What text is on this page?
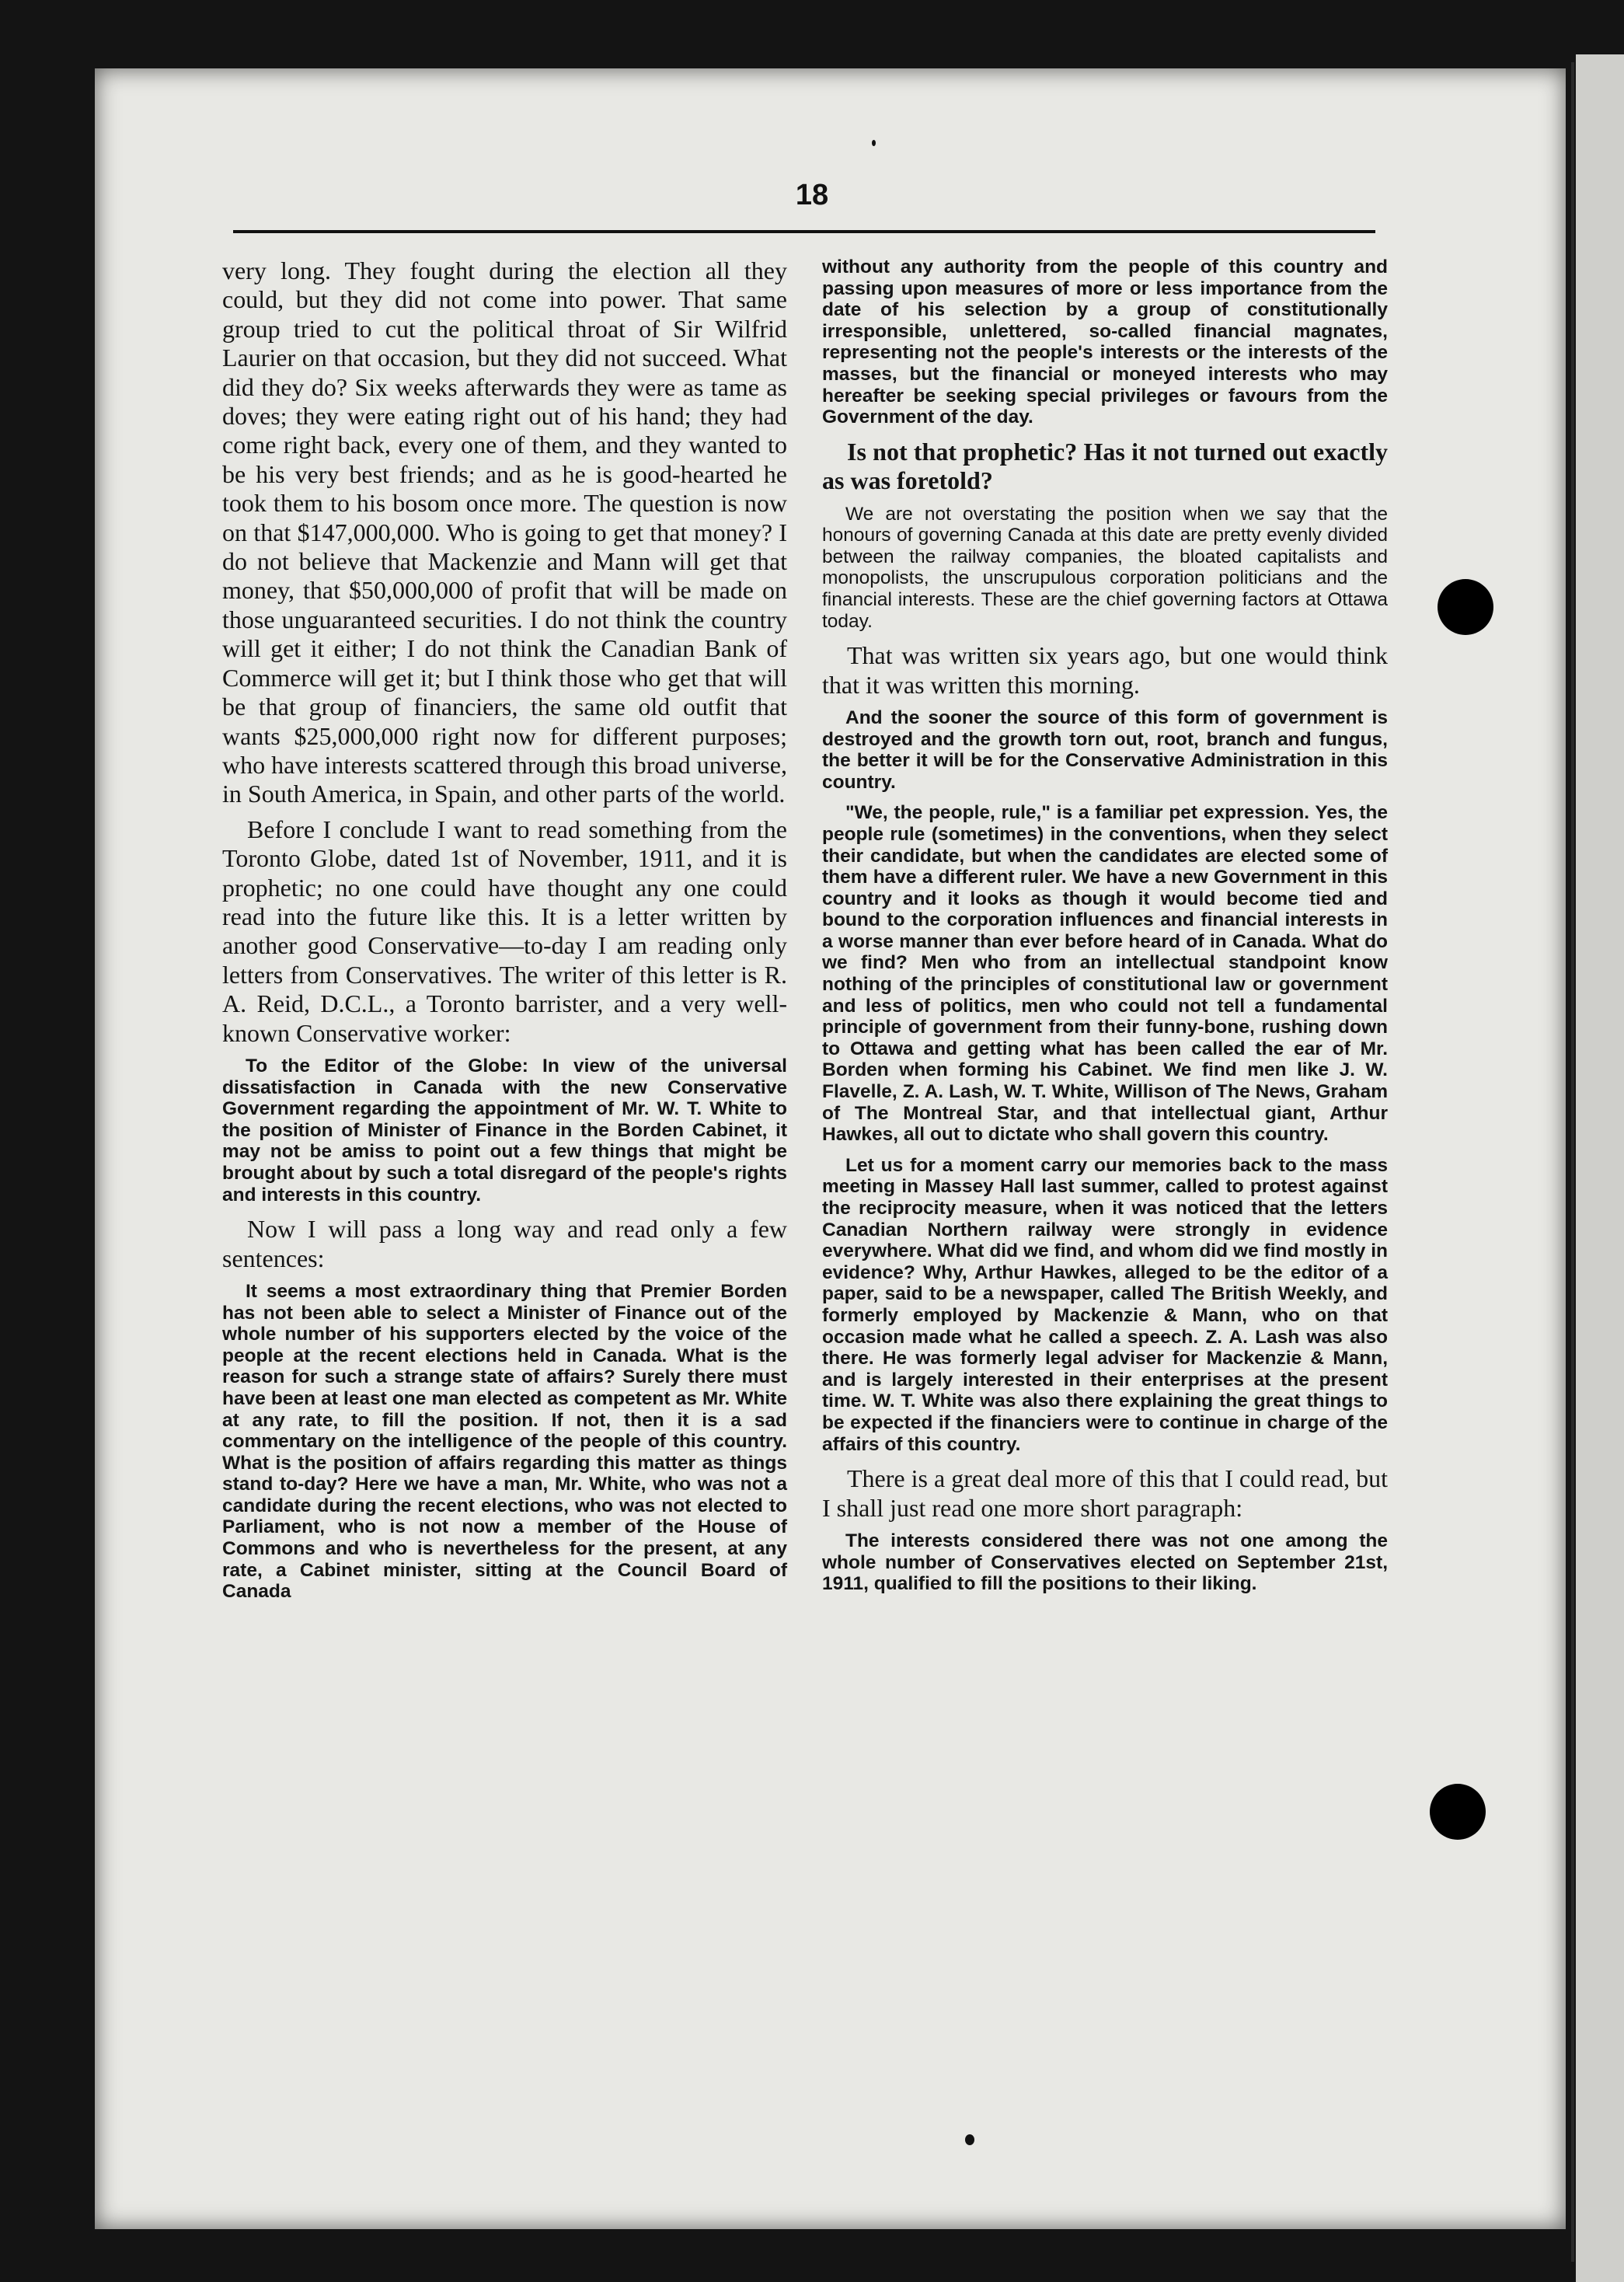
18

very long. They fought during the election all they could, but they did not come into power. That same group tried to cut the political throat of Sir Wilfrid Laurier on that occasion, but they did not succeed. What did they do? Six weeks afterwards they were as tame as doves; they were eating right out of his hand; they had come right back, every one of them, and they wanted to be his very best friends; and as he is good-hearted he took them to his bosom once more. The question is now on that $147,000,000. Who is going to get that money? I do not believe that Mackenzie and Mann will get that money, that $50,000,000 of profit that will be made on those unguaranteed securities. I do not think the country will get it either; I do not think the Canadian Bank of Commerce will get it; but I think those who get that will be that group of financiers, the same old outfit that wants $25,000,000 right now for different purposes; who have interests scattered through this broad universe, in South America, in Spain, and other parts of the world.

Before I conclude I want to read something from the Toronto Globe, dated 1st of November, 1911, and it is prophetic; no one could have thought any one could read into the future like this. It is a letter written by another good Conservative—to-day I am reading only letters from Conservatives. The writer of this letter is R. A. Reid, D.C.L., a Toronto barrister, and a very well-known Conservative worker:

To the Editor of the Globe: In view of the universal dissatisfaction in Canada with the new Conservative Government regarding the appointment of Mr. W. T. White to the position of Minister of Finance in the Borden Cabinet, it may not be amiss to point out a few things that might be brought about by such a total disregard of the people's rights and interests in this country.

Now I will pass a long way and read only a few sentences:

It seems a most extraordinary thing that Premier Borden has not been able to select a Minister of Finance out of the whole number of his supporters elected by the voice of the people at the recent elections held in Canada. What is the reason for such a strange state of affairs? Surely there must have been at least one man elected as competent as Mr. White at any rate, to fill the position. If not, then it is a sad commentary on the intelligence of the people of this country. What is the position of affairs regarding this matter as things stand to-day? Here we have a man, Mr. White, who was not a candidate during the recent elections, who was not elected to Parliament, who is not now a member of the House of Commons and who is nevertheless for the present, at any rate, a Cabinet minister, sitting at the Council Board of Canada

without any authority from the people of this country and passing upon measures of more or less importance from the date of his selection by a group of constitutionally irresponsible, unlettered, so-called financial magnates, representing not the people's interests or the interests of the masses, but the financial or moneyed interests who may hereafter be seeking special privileges or favours from the Government of the day.

Is not that prophetic? Has it not turned out exactly as was foretold?

We are not overstating the position when we say that the honours of governing Canada at this date are pretty evenly divided between the railway companies, the bloated capitalists and monopolists, the unscrupulous corporation politicians and the financial interests. These are the chief governing factors at Ottawa today.

That was written six years ago, but one would think that it was written this morning.

And the sooner the source of this form of government is destroyed and the growth torn out, root, branch and fungus, the better it will be for the Conservative Administration in this country.

"We, the people, rule," is a familiar pet expression. Yes, the people rule (sometimes) in the conventions, when they select their candidate, but when the candidates are elected some of them have a different ruler. We have a new Government in this country and it looks as though it would become tied and bound to the corporation influences and financial interests in a worse manner than ever before heard of in Canada. What do we find? Men who from an intellectual standpoint know nothing of the principles of constitutional law or government and less of politics, men who could not tell a fundamental principle of government from their funny-bone, rushing down to Ottawa and getting what has been called the ear of Mr. Borden when forming his Cabinet. We find men like J. W. Flavelle, Z. A. Lash, W. T. White, Willison of The News, Graham of The Montreal Star, and that intellectual giant, Arthur Hawkes, all out to dictate who shall govern this country.

Let us for a moment carry our memories back to the mass meeting in Massey Hall last summer, called to protest against the reciprocity measure, when it was noticed that the letters Canadian Northern railway were strongly in evidence everywhere. What did we find, and whom did we find mostly in evidence? Why, Arthur Hawkes, alleged to be the editor of a paper, said to be a newspaper, called The British Weekly, and formerly employed by Mackenzie & Mann, who on that occasion made what he called a speech. Z. A. Lash was also there. He was formerly legal adviser for Mackenzie & Mann, and is largely interested in their enterprises at the present time. W. T. White was also there explaining the great things to be expected if the financiers were to continue in charge of the affairs of this country.

There is a great deal more of this that I could read, but I shall just read one more short paragraph:

The interests considered there was not one among the whole number of Conservatives elected on September 21st, 1911, qualified to fill the positions to their liking.
